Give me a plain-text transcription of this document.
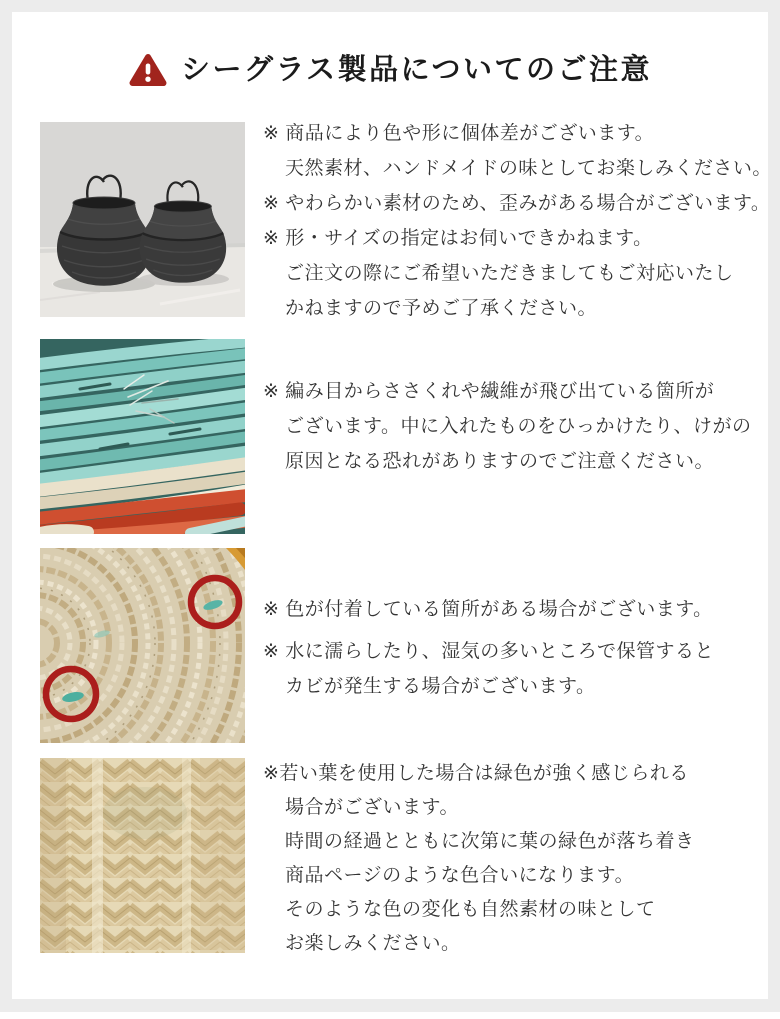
シーグラス製品についてのご注意
※ 商品により色や形に個体差がございます。
天然素材、ハンドメイドの味としてお楽しみください。
※ やわらかい素材のため、歪みがある場合がございます。
※ 形・サイズの指定はお伺いできかねます。
ご注文の際にご希望いただきましてもご対応いたし
かねますので予めご了承ください。
※ 編み目からささくれや繊維が飛び出ている箇所が
ございます。中に入れたものをひっかけたり、けがの
原因となる恐れがありますのでご注意ください。
※ 色が付着している箇所がある場合がございます。
※ 水に濡らしたり、湿気の多いところで保管すると
カビが発生する場合がございます。
※若い葉を使用した場合は緑色が強く感じられる
場合がございます。
時間の経過とともに次第に葉の緑色が落ち着き
商品ページのような色合いになります。
そのような色の変化も自然素材の味として
お楽しみください。
